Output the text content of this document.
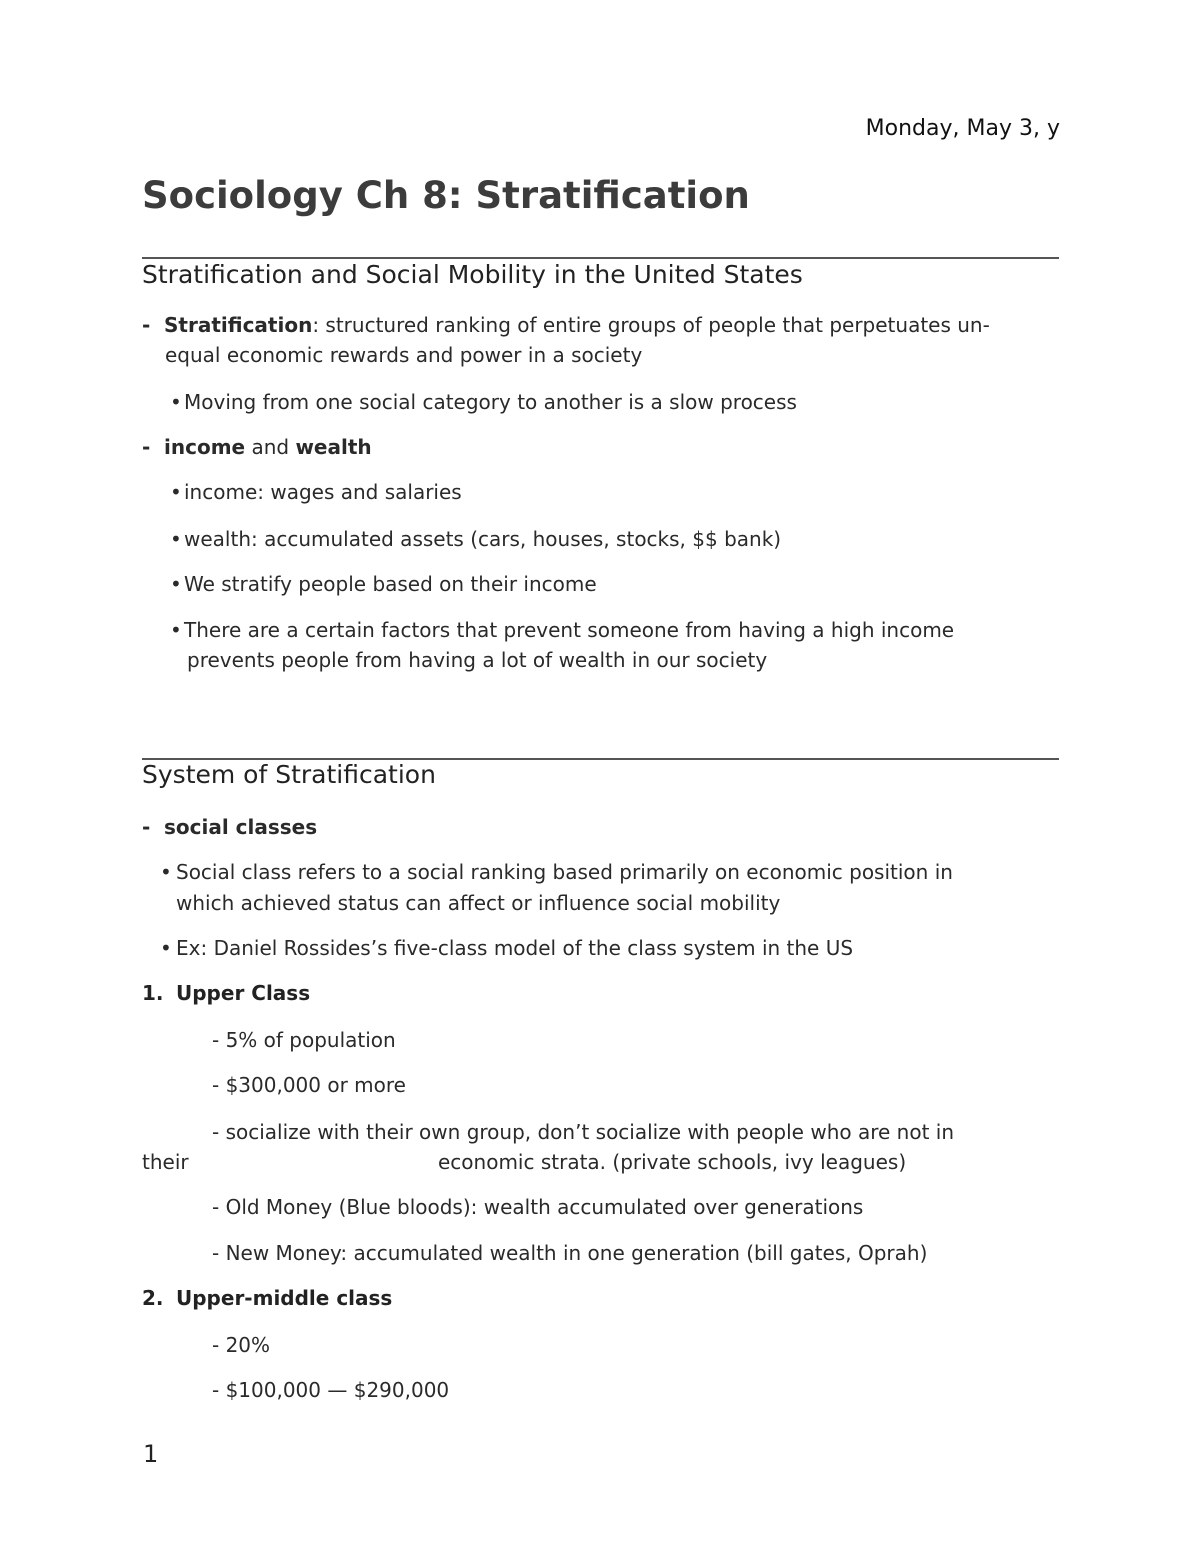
Monday, May 3, y
Sociology Ch 8: Stratification
Stratification and Social Mobility in the United States
- Stratification: structured ranking of entire groups of people that perpetuates un-
equal economic rewards and power in a society
• Moving from one social category to another is a slow process
- income and wealth
• income: wages and salaries
• wealth: accumulated assets (cars, houses, stocks, $$ bank)
• We stratify people based on their income
• There are a certain factors that prevent someone from having a high income
prevents people from having a lot of wealth in our society
System of Stratification
- social classes
• Social class refers to a social ranking based primarily on economic position in
which achieved status can affect or influence social mobility
• Ex: Daniel Rossides’s five-class model of the class system in the US
1. Upper Class
- 5% of population
- $300,000 or more
- socialize with their own group, don’t socialize with people who are not in
their	economic strata. (private schools, ivy leagues)
- Old Money (Blue bloods): wealth accumulated over generations
- New Money: accumulated wealth in one generation (bill gates, Oprah)
2. Upper-middle class
- 20%
- $100,000 — $290,000
1
